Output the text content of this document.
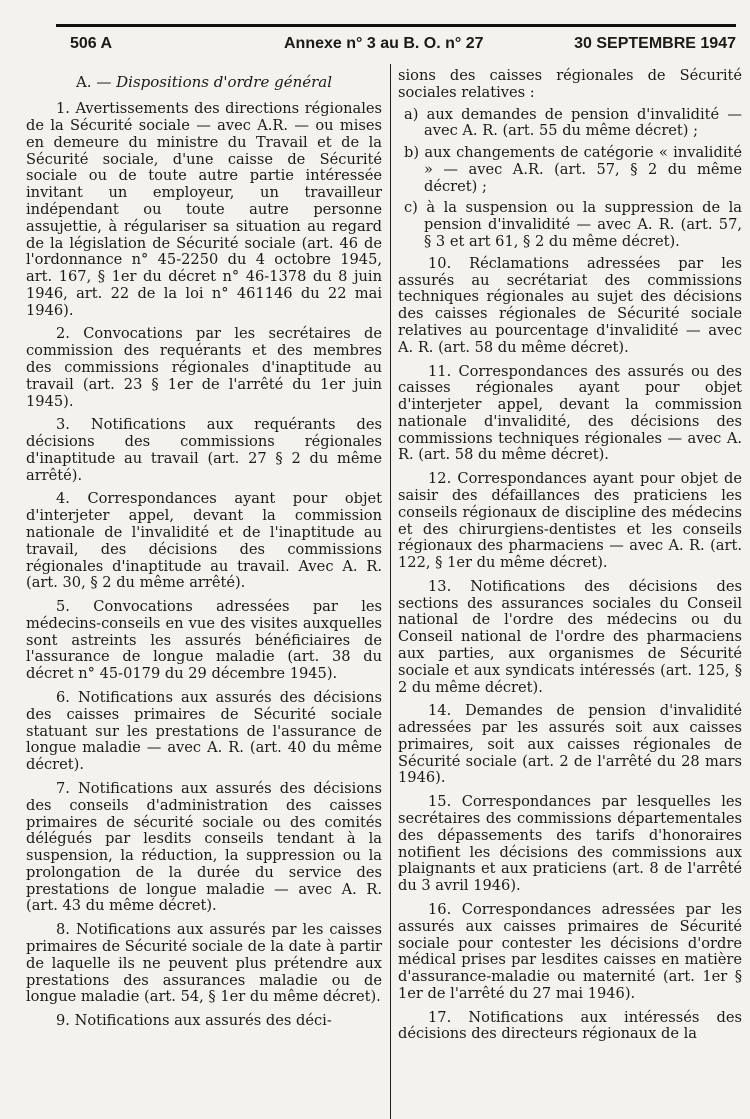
506 A	Annexe n° 3 au B. O. n° 27	30 SEPTEMBRE 1947
A. — Dispositions d'ordre général

1. Avertissements des directions régionales de la Sécurité sociale — avec A.R. — ou mises en demeure du ministre du Travail et de la Sécurité sociale, d'une caisse de Sécurité sociale ou de toute autre partie intéressée invitant un employeur, un travailleur indépendant ou toute autre personne assujettie, à régulariser sa situation au regard de la législation de Sécurité sociale (art. 46 de l'ordonnance n° 45-2250 du 4 octobre 1945, art. 167, § 1er du décret n° 46-1378 du 8 juin 1946, art. 22 de la loi n° 461146 du 22 mai 1946).

2. Convocations par les secrétaires de commission des requérants et des membres des commissions régionales d'inaptitude au travail (art. 23 § 1er de l'arrêté du 1er juin 1945).

3. Notifications aux requérants des décisions des commissions régionales d'inaptitude au travail (art. 27 § 2 du même arrêté).

4. Correspondances ayant pour objet d'interjeter appel, devant la commission nationale de l'invalidité et de l'inaptitude au travail, des décisions des commissions régionales d'inaptitude au travail. Avec A. R. (art. 30, § 2 du même arrêté).

5. Convocations adressées par les médecins-conseils en vue des visites auxquelles sont astreints les assurés bénéficiaires de l'assurance de longue maladie (art. 38 du décret n° 45-0179 du 29 décembre 1945).

6. Notifications aux assurés des décisions des caisses primaires de Sécurité sociale statuant sur les prestations de l'assurance de longue maladie — avec A. R. (art. 40 du même décret).

7. Notifications aux assurés des décisions des conseils d'administration des caisses primaires de sécurité sociale ou des comités délégués par lesdits conseils tendant à la suspension, la réduction, la suppression ou la prolongation de la durée du service des prestations de longue maladie — avec A. R. (art. 43 du même décret).

8. Notifications aux assurés par les caisses primaires de Sécurité sociale de la date à partir de laquelle ils ne peuvent plus prétendre aux prestations des assurances maladie ou de longue maladie (art. 54, § 1er du même décret).

9. Notifications aux assurés des déci-

sions des caisses régionales de Sécurité sociales relatives :

a) aux demandes de pension d'invalidité — avec A. R. (art. 55 du même décret) ;

b) aux changements de catégorie « invalidité » — avec A.R. (art. 57, § 2 du même décret) ;

c) à la suspension ou la suppression de la pension d'invalidité — avec A. R. (art. 57, § 3 et art 61, § 2 du même décret).

10. Réclamations adressées par les assurés au secrétariat des commissions techniques régionales au sujet des décisions des caisses régionales de Sécurité sociale relatives au pourcentage d'invalidité — avec A. R. (art. 58 du même décret).

11. Correspondances des assurés ou des caisses régionales ayant pour objet d'interjeter appel, devant la commission nationale d'invalidité, des décisions des commissions techniques régionales — avec A. R. (art. 58 du même décret).

12. Correspondances ayant pour objet de saisir des défaillances des praticiens les conseils régionaux de discipline des médecins et des chirurgiens-dentistes et les conseils régionaux des pharmaciens — avec A. R. (art. 122, § 1er du même décret).

13. Notifications des décisions des sections des assurances sociales du Conseil national de l'ordre des médecins ou du Conseil national de l'ordre des pharmaciens aux parties, aux organismes de Sécurité sociale et aux syndicats intéressés (art. 125, § 2 du même décret).

14. Demandes de pension d'invalidité adressées par les assurés soit aux caisses primaires, soit aux caisses régionales de Sécurité sociale (art. 2 de l'arrêté du 28 mars 1946).

15. Correspondances par lesquelles les secrétaires des commissions départementales des dépassements des tarifs d'honoraires notifient les décisions des commissions aux plaignants et aux praticiens (art. 8 de l'arrêté du 3 avril 1946).

16. Correspondances adressées par les assurés aux caisses primaires de Sécurité sociale pour contester les décisions d'ordre médical prises par lesdites caisses en matière d'assurance-maladie ou maternité (art. 1er § 1er de l'arrêté du 27 mai 1946).

17. Notifications aux intéressés des décisions des directeurs régionaux de la
